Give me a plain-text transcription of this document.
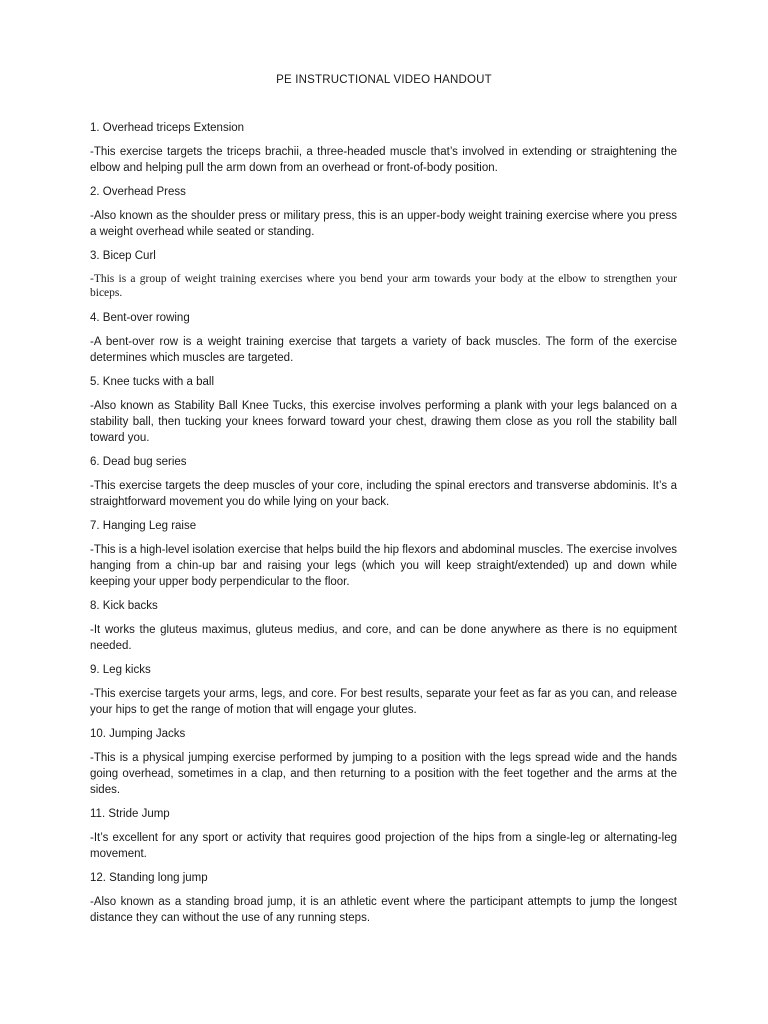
PE INSTRUCTIONAL VIDEO HANDOUT
1. Overhead triceps Extension
-This exercise targets the triceps brachii, a three-headed muscle that’s involved in extending or straightening the elbow and helping pull the arm down from an overhead or front-of-body position.
2. Overhead Press
-Also known as the shoulder press or military press, this is an upper-body weight training exercise where you press a weight overhead while seated or standing.
3. Bicep Curl
-This is a group of weight training exercises where you bend your arm towards your body at the elbow to strengthen your biceps.
4. Bent-over rowing
-A bent-over row is a weight training exercise that targets a variety of back muscles. The form of the exercise determines which muscles are targeted.
5. Knee tucks with a ball
-Also known as Stability Ball Knee Tucks, this exercise involves performing a plank with your legs balanced on a stability ball, then tucking your knees forward toward your chest, drawing them close as you roll the stability ball toward you.
6. Dead bug series
-This exercise targets the deep muscles of your core, including the spinal erectors and transverse abdominis. It’s a straightforward movement you do while lying on your back.
7. Hanging Leg raise
-This is a high-level isolation exercise that helps build the hip flexors and abdominal muscles. The exercise involves hanging from a chin-up bar and raising your legs (which you will keep straight/extended) up and down while keeping your upper body perpendicular to the floor.
8. Kick backs
-It works the gluteus maximus, gluteus medius, and core, and can be done anywhere as there is no equipment needed.
9. Leg kicks
-This exercise targets your arms, legs, and core. For best results, separate your feet as far as you can, and release your hips to get the range of motion that will engage your glutes.
10. Jumping Jacks
-This is a physical jumping exercise performed by jumping to a position with the legs spread wide and the hands going overhead, sometimes in a clap, and then returning to a position with the feet together and the arms at the sides.
11. Stride Jump
-It’s excellent for any sport or activity that requires good projection of the hips from a single-leg or alternating-leg movement.
12. Standing long jump
-Also known as a standing broad jump, it is an athletic event where the participant attempts to jump the longest distance they can without the use of any running steps.
